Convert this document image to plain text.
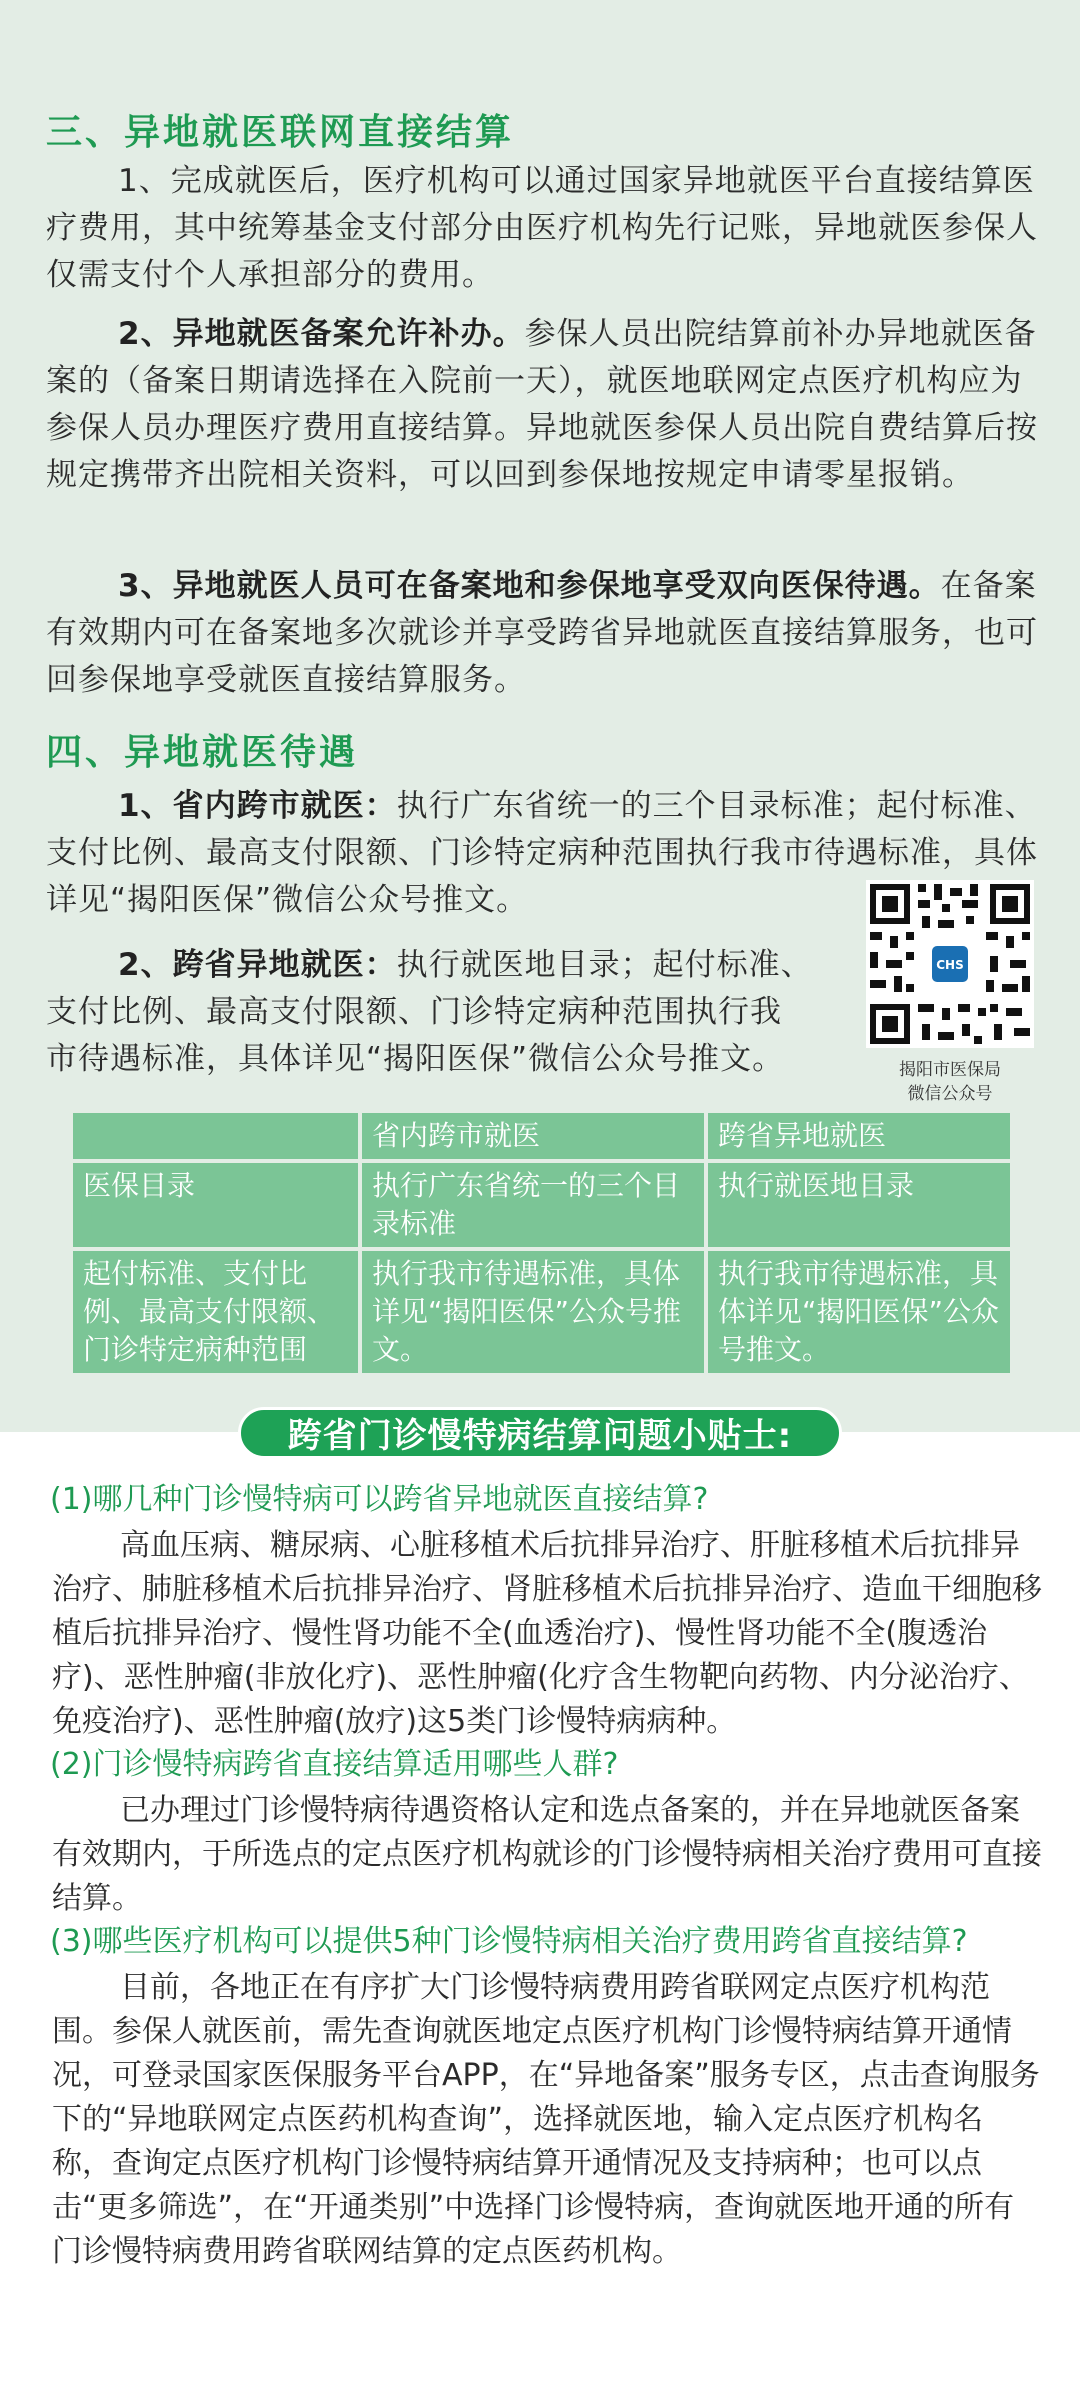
三、异地就医联网直接结算

1、完成就医后，医疗机构可以通过国家异地就医平台直接结算医疗费用，其中统筹基金支付部分由医疗机构先行记账，异地就医参保人仅需支付个人承担部分的费用。

2、异地就医备案允许补办。参保人员出院结算前补办异地就医备案的（备案日期请选择在入院前一天），就医地联网定点医疗机构应为参保人员办理医疗费用直接结算。异地就医参保人员出院自费结算后按规定携带齐出院相关资料，可以回到参保地按规定申请零星报销。

3、异地就医人员可在备案地和参保地享受双向医保待遇。在备案有效期内可在备案地多次就诊并享受跨省异地就医直接结算服务，也可回参保地享受就医直接结算服务。

四、异地就医待遇

1、省内跨市就医：执行广东省统一的三个目录标准；起付标准、支付比例、最高支付限额、门诊特定病种范围执行我市待遇标准，具体详见“揭阳医保”微信公众号推文。

2、跨省异地就医：执行就医地目录；起付标准、
支付比例、最高支付限额、门诊特定病种范围执行我
市待遇标准，具体详见“揭阳医保”微信公众号推文。

CHS

揭阳市医保局
微信公众号

	省内跨市就医	跨省异地就医
医保目录	执行广东省统一的三个目录标准	执行就医地目录
起付标准、支付比例、最高支付限额、门诊特定病种范围	执行我市待遇标准，具体详见“揭阳医保”公众号推文。	执行我市待遇标准，具体详见“揭阳医保”公众号推文。
跨省门诊慢特病结算问题小贴士:

(1)哪几种门诊慢特病可以跨省异地就医直接结算?

高血压病、糖尿病、心脏移植术后抗排异治疗、肝脏移植术后抗排异治疗、肺脏移植术后抗排异治疗、肾脏移植术后抗排异治疗、造血干细胞移植后抗排异治疗、慢性肾功能不全(血透治疗)、慢性肾功能不全(腹透治疗)、恶性肿瘤(非放化疗)、恶性肿瘤(化疗含生物靶向药物、内分泌治疗、免疫治疗)、恶性肿瘤(放疗)这5类门诊慢特病病种。

(2)门诊慢特病跨省直接结算适用哪些人群?

已办理过门诊慢特病待遇资格认定和选点备案的，并在异地就医备案有效期内，于所选点的定点医疗机构就诊的门诊慢特病相关治疗费用可直接结算。

(3)哪些医疗机构可以提供5种门诊慢特病相关治疗费用跨省直接结算?

目前，各地正在有序扩大门诊慢特病费用跨省联网定点医疗机构范围。参保人就医前，需先查询就医地定点医疗机构门诊慢特病结算开通情况，可登录国家医保服务平台APP，在“异地备案”服务专区，点击查询服务下的“异地联网定点医药机构查询”，选择就医地，输入定点医疗机构名称，查询定点医疗机构门诊慢特病结算开通情况及支持病种；也可以点击“更多筛选”，在“开通类别”中选择门诊慢特病，查询就医地开通的所有门诊慢特病费用跨省联网结算的定点医药机构。
